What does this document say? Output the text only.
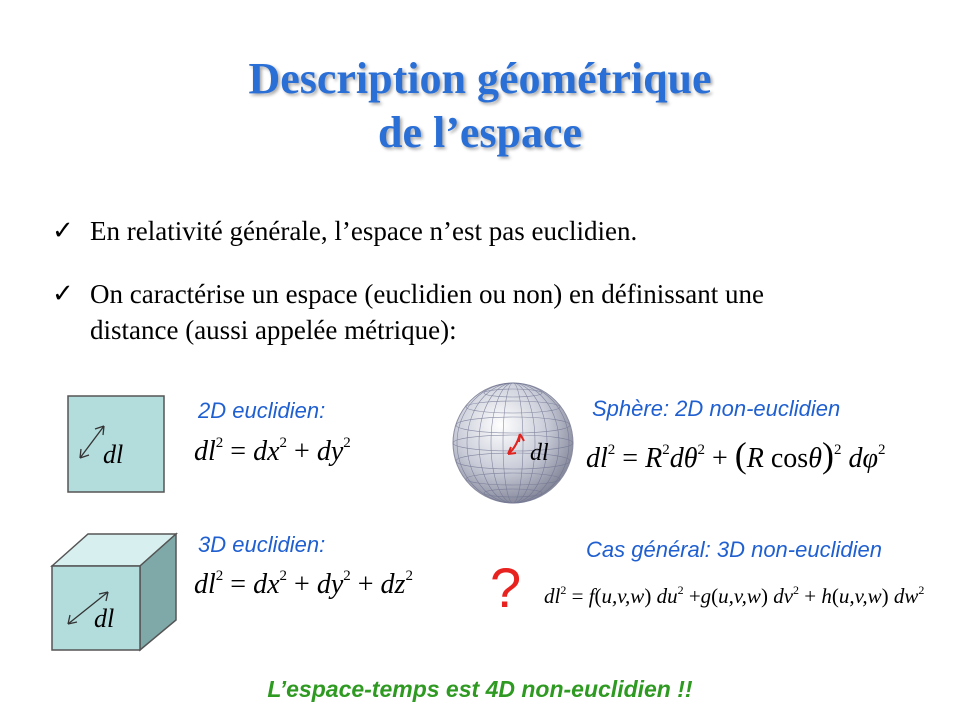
Description géométrique
de l’espace
✓ En relativité générale, l’espace n’est pas euclidien.
✓ On caractérise un espace (euclidien ou non) en définissant une
distance (aussi appelée métrique):
dl
dl
dl
2D euclidien:
3D euclidien:
Sphère: 2D non-euclidien
Cas général: 3D non-euclidien
$dl^2 = dx^2 + dy^2$
$dl^2 = dx^2 + dy^2 + dz^2$
$dl^2 = R^2d\theta^2 + (R$ cosθ)$^2$ $d\varphi^2$
$dl^2 = f(u,v,w)$ $du^2 +g(u,v,w) dv^2 + h(u,v,w)$ $dw^2$
?
L’espace-temps est 4D non-euclidien !!
